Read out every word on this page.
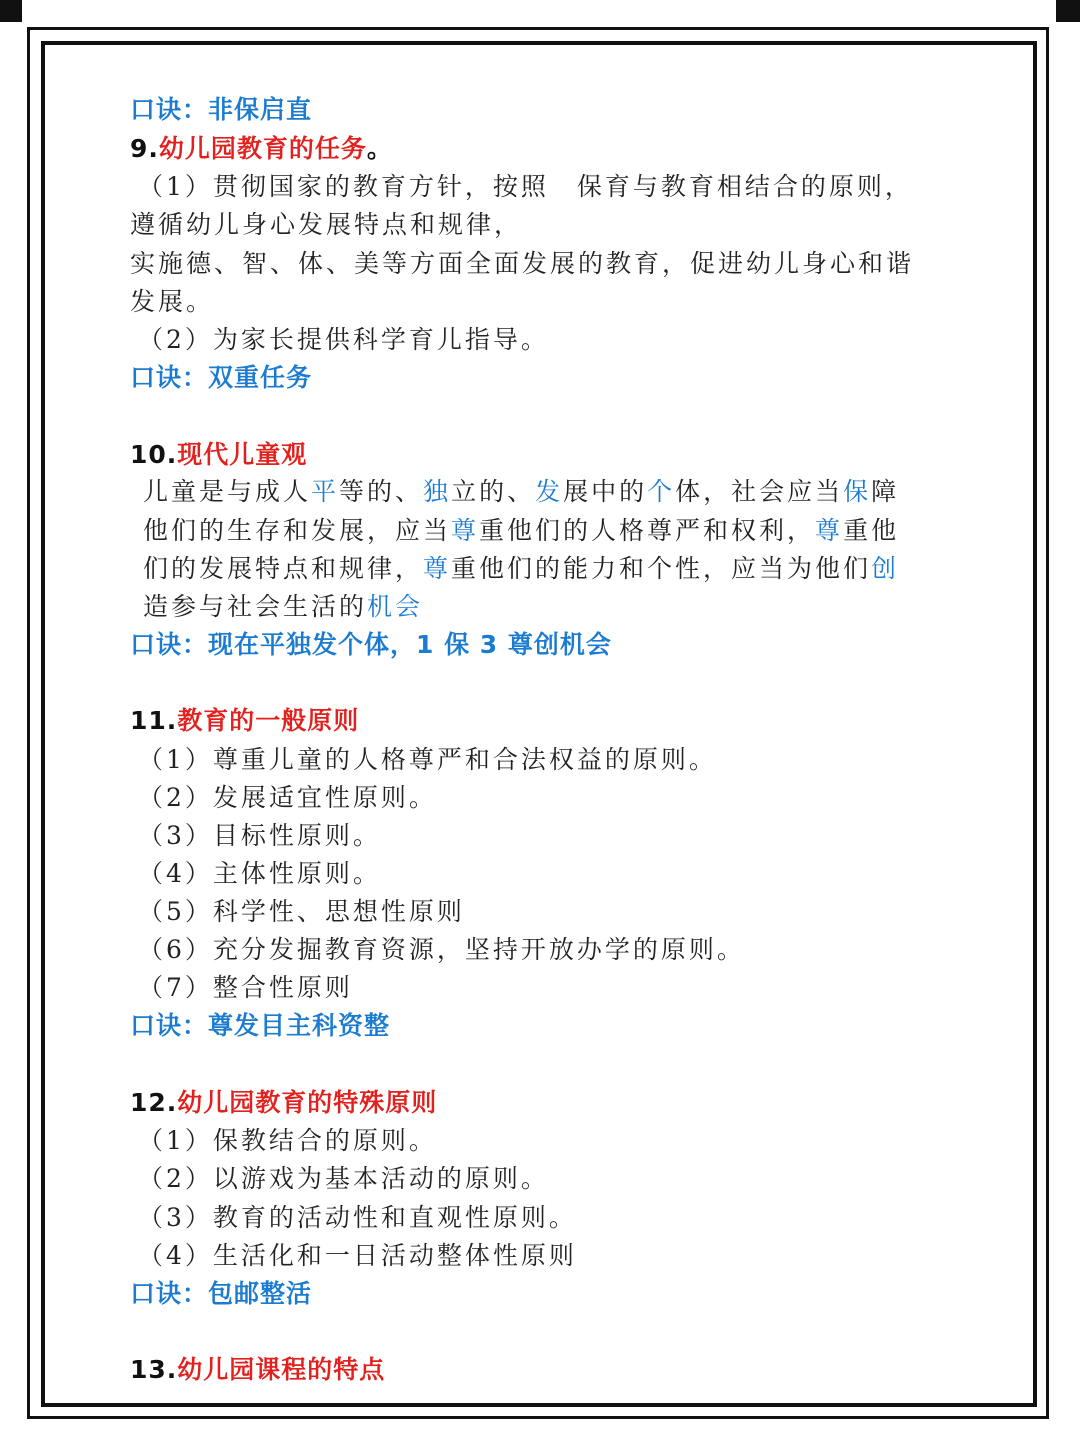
口诀：非保启直
9.幼儿园教育的任务。
（1）贯彻国家的教育方针，按照　保育与教育相结合的原则，
遵循幼儿身心发展特点和规律，
实施德、智、体、美等方面全面发展的教育，促进幼儿身心和谐
发展。
（2）为家长提供科学育儿指导。
口诀：双重任务
10.现代儿童观
儿童是与成人平等的、独立的、发展中的个体，社会应当保障
他们的生存和发展，应当尊重他们的人格尊严和权利，尊重他
们的发展特点和规律，尊重他们的能力和个性，应当为他们创
造参与社会生活的机会
口诀：现在平独发个体，1 保 3 尊创机会
11.教育的一般原则
（1）尊重儿童的人格尊严和合法权益的原则。
（2）发展适宜性原则。
（3）目标性原则。
（4）主体性原则。
（5）科学性、思想性原则
（6）充分发掘教育资源，坚持开放办学的原则。
（7）整合性原则
口诀：尊发目主科资整
12.幼儿园教育的特殊原则
（1）保教结合的原则。
（2）以游戏为基本活动的原则。
（3）教育的活动性和直观性原则。
（4）生活化和一日活动整体性原则
口诀：包邮整活
13.幼儿园课程的特点
